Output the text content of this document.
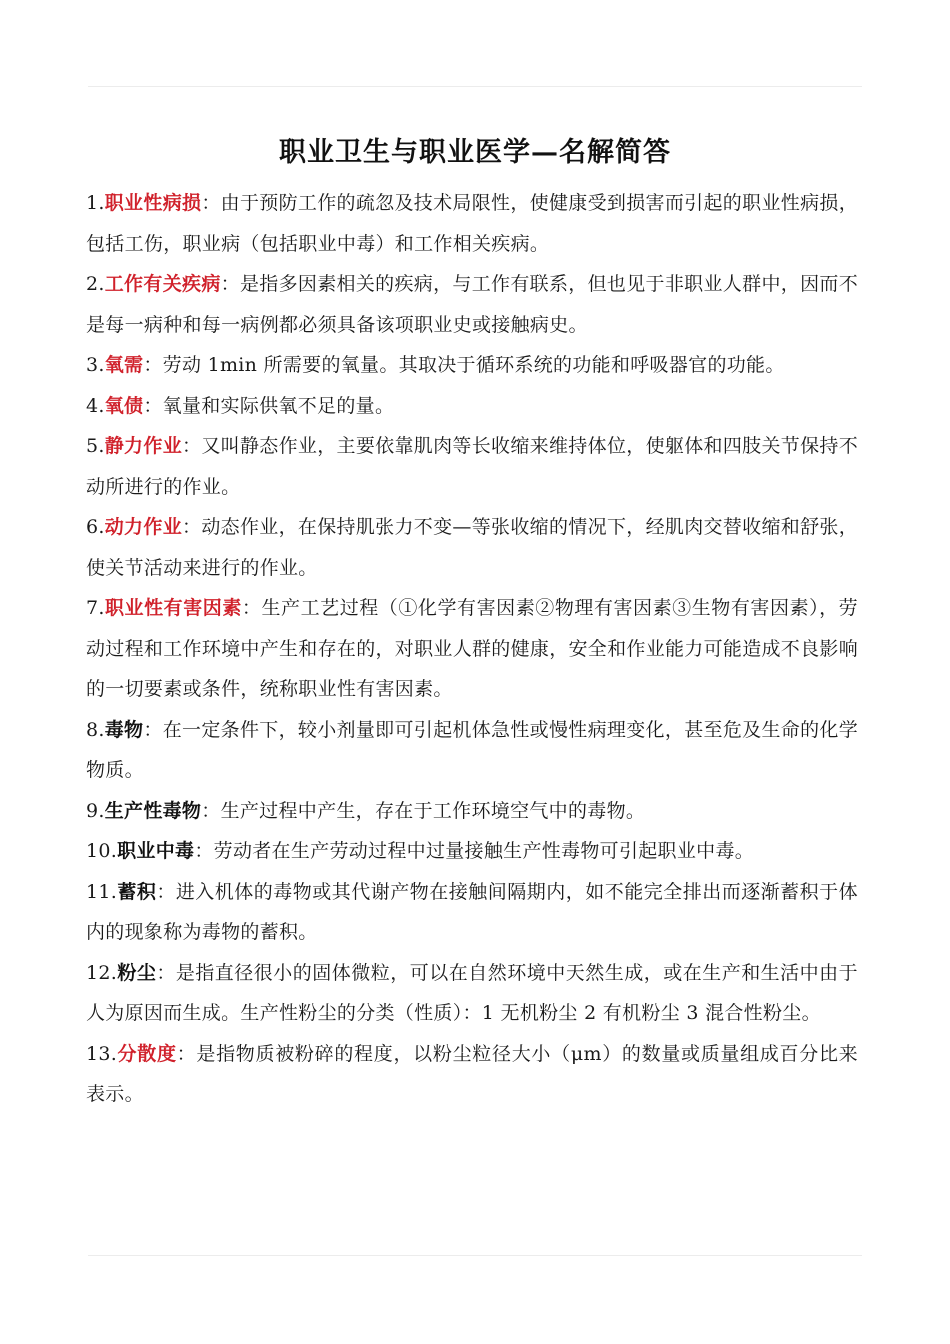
职业卫生与职业医学—名解简答

1.职业性病损：由于预防工作的疏忽及技术局限性，使健康受到损害而引起的职业性病损，包括工伤，职业病（包括职业中毒）和工作相关疾病。

2.工作有关疾病：是指多因素相关的疾病，与工作有联系，但也见于非职业人群中，因而不是每一病种和每一病例都必须具备该项职业史或接触病史。

3.氧需：劳动 1min 所需要的氧量。其取决于循环系统的功能和呼吸器官的功能。

4.氧债：氧量和实际供氧不足的量。

5.静力作业：又叫静态作业，主要依靠肌肉等长收缩来维持体位，使躯体和四肢关节保持不动所进行的作业。

6.动力作业：动态作业，在保持肌张力不变—等张收缩的情况下，经肌肉交替收缩和舒张，使关节活动来进行的作业。

7.职业性有害因素：生产工艺过程（①化学有害因素②物理有害因素③生物有害因素），劳动过程和工作环境中产生和存在的，对职业人群的健康，安全和作业能力可能造成不良影响的一切要素或条件，统称职业性有害因素。

8.毒物：在一定条件下，较小剂量即可引起机体急性或慢性病理变化，甚至危及生命的化学物质。

9.生产性毒物：生产过程中产生，存在于工作环境空气中的毒物。

10.职业中毒：劳动者在生产劳动过程中过量接触生产性毒物可引起职业中毒。

11.蓄积：进入机体的毒物或其代谢产物在接触间隔期内，如不能完全排出而逐渐蓄积于体内的现象称为毒物的蓄积。

12.粉尘：是指直径很小的固体微粒，可以在自然环境中天然生成，或在生产和生活中由于人为原因而生成。生产性粉尘的分类（性质）：1 无机粉尘 2 有机粉尘 3 混合性粉尘。

13.分散度：是指物质被粉碎的程度，以粉尘粒径大小（μm）的数量或质量组成百分比来表示。
